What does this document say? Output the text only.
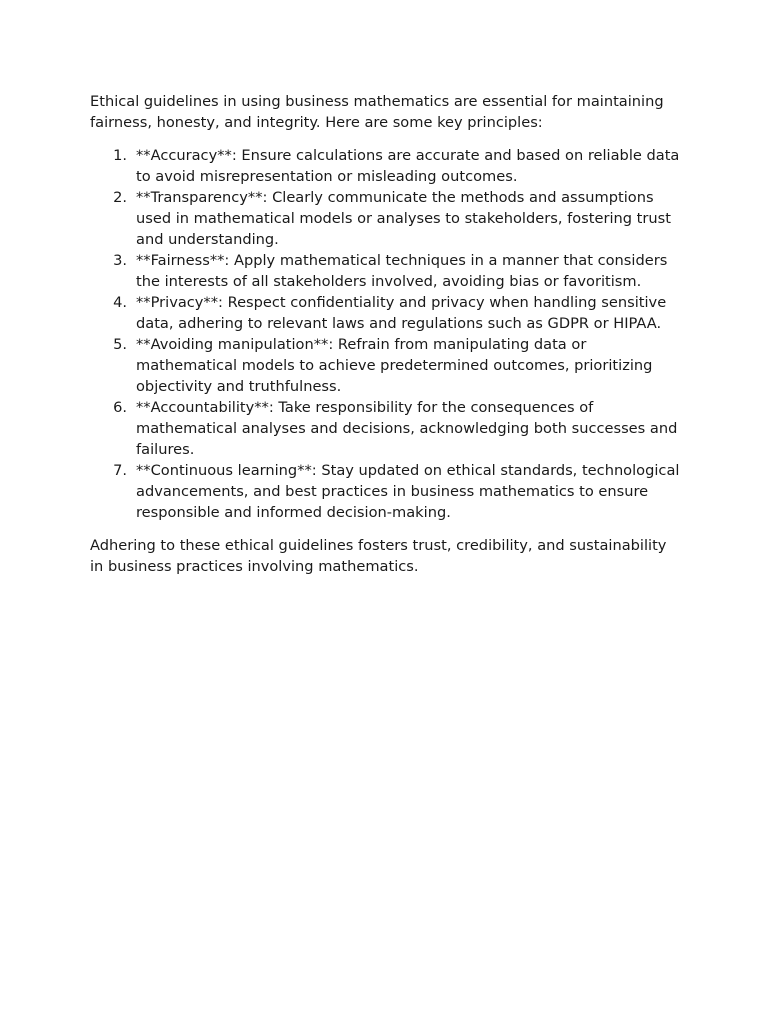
Ethical guidelines in using business mathematics are essential for maintaining fairness, honesty, and integrity. Here are some key principles:

1. **Accuracy**: Ensure calculations are accurate and based on reliable data to avoid misrepresentation or misleading outcomes.
2. **Transparency**: Clearly communicate the methods and assumptions used in mathematical models or analyses to stakeholders, fostering trust and understanding.
3. **Fairness**: Apply mathematical techniques in a manner that considers the interests of all stakeholders involved, avoiding bias or favoritism.
4. **Privacy**: Respect confidentiality and privacy when handling sensitive data, adhering to relevant laws and regulations such as GDPR or HIPAA.
5. **Avoiding manipulation**: Refrain from manipulating data or mathematical models to achieve predetermined outcomes, prioritizing objectivity and truthfulness.
6. **Accountability**: Take responsibility for the consequences of mathematical analyses and decisions, acknowledging both successes and failures.
7. **Continuous learning**: Stay updated on ethical standards, technological advancements, and best practices in business mathematics to ensure responsible and informed decision-making.

Adhering to these ethical guidelines fosters trust, credibility, and sustainability in business practices involving mathematics.
